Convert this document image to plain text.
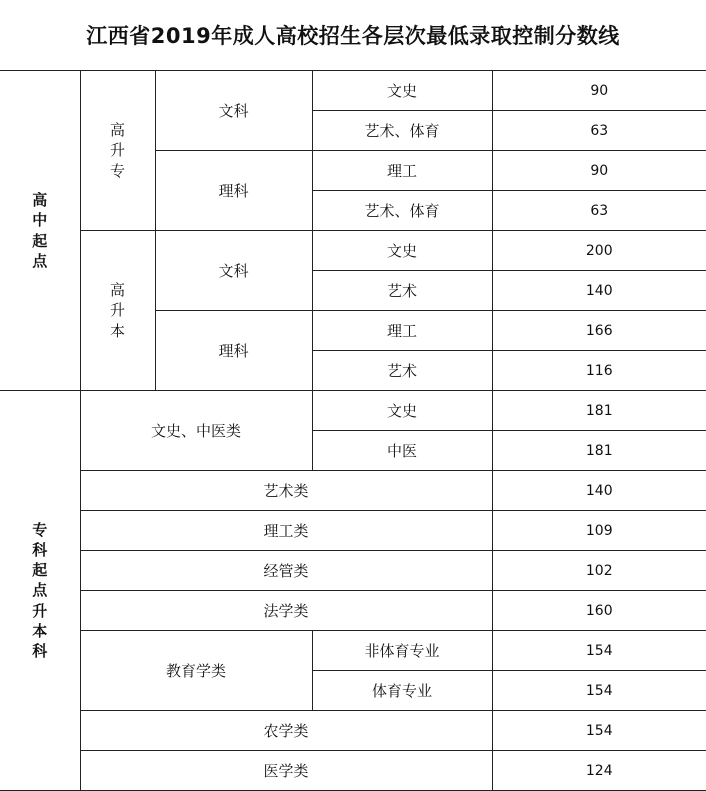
江西省2019年成人高校招生各层次最低录取控制分数线
高中起点	高升专	文科	文史	90
			艺术、体育	63
		理科	理工	90
			艺术、体育	63
	高升本	文科	文史	200
			艺术	140
		理科	理工	166
			艺术	116
专科起点升本科	文史、中医类		文史	181
			中医	181
	艺术类			140
	理工类			109
	经管类			102
	法学类			160
	教育学类		非体育专业	154
			体育专业	154
	农学类			154
	医学类			124
